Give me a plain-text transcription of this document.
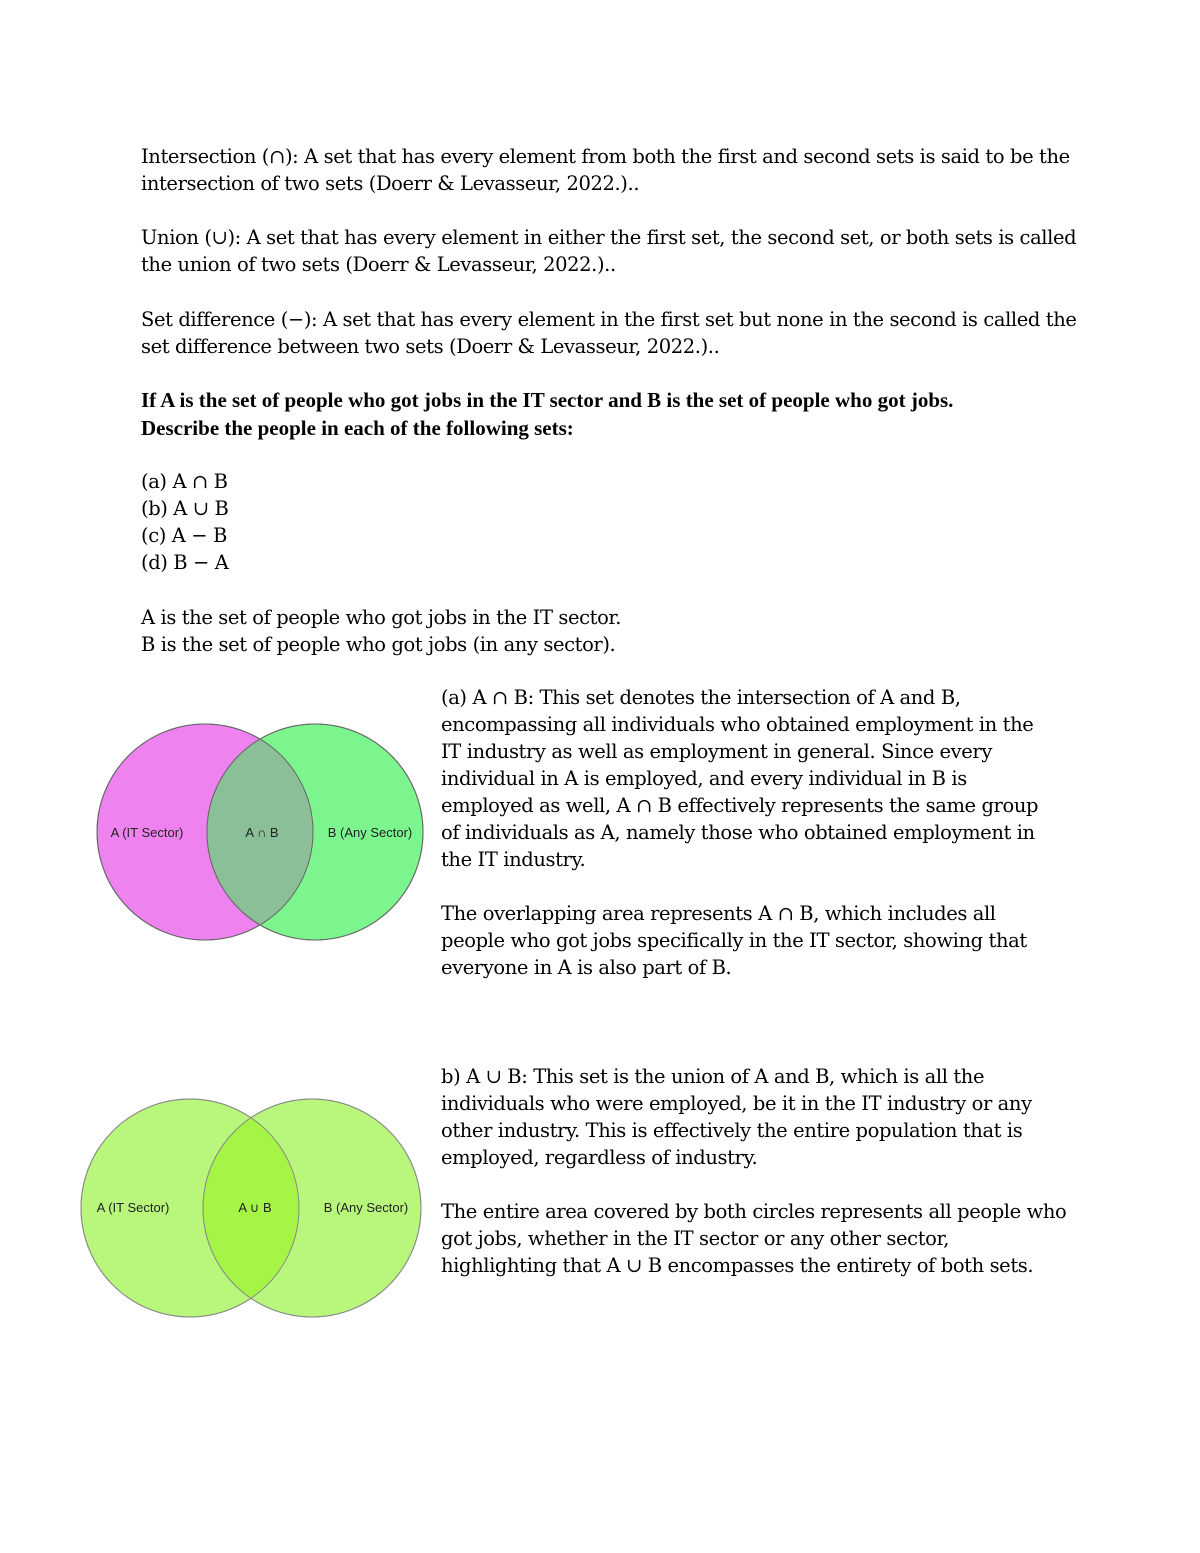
Intersection (∩): A set that has every element from both the first and second sets is said to be the
intersection of two sets (Doerr & Levasseur, 2022.)..
Union (∪): A set that has every element in either the first set, the second set, or both sets is called
the union of two sets (Doerr & Levasseur, 2022.)..
Set difference (−): A set that has every element in the first set but none in the second is called the
set difference between two sets (Doerr & Levasseur, 2022.)..
If A is the set of people who got jobs in the IT sector and B is the set of people who got jobs.
Describe the people in each of the following sets:
(a) A ∩ B
(b) A ∪ B
(c) A − B
(d) B − A
A is the set of people who got jobs in the IT sector.
B is the set of people who got jobs (in any sector).
A (IT Sector)	A ∩ B	B (Any Sector)
(a) A ∩ B: This set denotes the intersection of A and B,
encompassing all individuals who obtained employment in the
IT industry as well as employment in general. Since every
individual in A is employed, and every individual in B is
employed as well, A ∩ B effectively represents the same group
of individuals as A, namely those who obtained employment in
the IT industry.
The overlapping area represents A ∩ B, which includes all
people who got jobs specifically in the IT sector, showing that
everyone in A is also part of B.
A (IT Sector)	A ∪ B	B (Any Sector)
b) A ∪ B: This set is the union of A and B, which is all the
individuals who were employed, be it in the IT industry or any
other industry. This is effectively the entire population that is
employed, regardless of industry.
The entire area covered by both circles represents all people who
got jobs, whether in the IT sector or any other sector,
highlighting that A ∪ B encompasses the entirety of both sets.
